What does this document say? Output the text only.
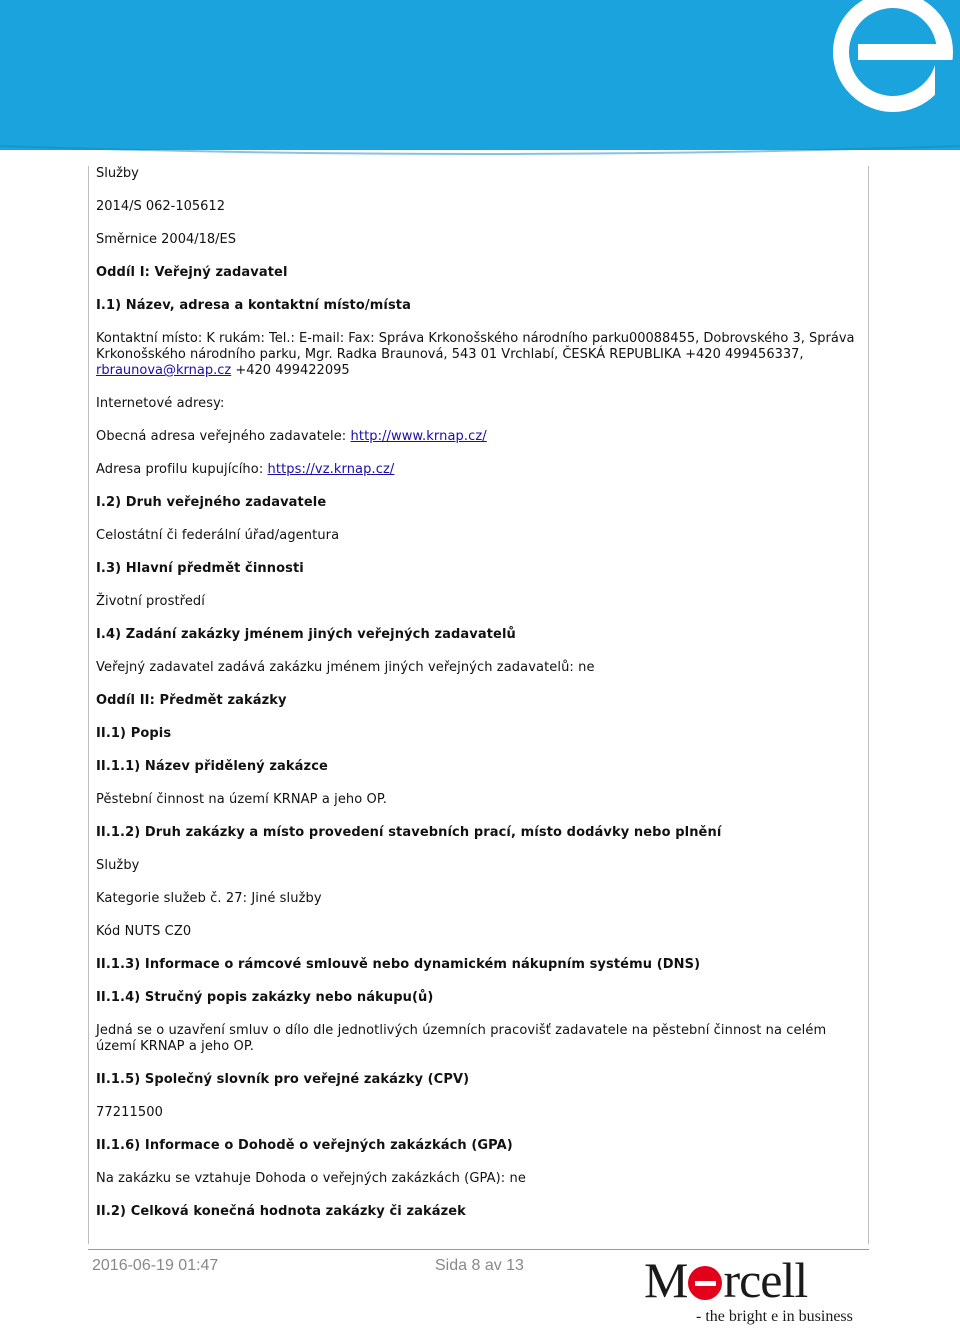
Služby
2014/S 062-105612
Směrnice 2004/18/ES
Oddíl I: Veřejný zadavatel
I.1) Název, adresa a kontaktní místo/místa
Kontaktní místo: K rukám: Tel.: E-mail: Fax: Správa Krkonošského národního parku00088455, Dobrovského 3, Správa Krkonošského národního parku, Mgr. Radka Braunová, 543 01 Vrchlabí, ČESKÁ REPUBLIKA +420 499456337, rbraunova@krnap.cz +420 499422095
Internetové adresy:
Obecná adresa veřejného zadavatele: http://www.krnap.cz/
Adresa profilu kupujícího: https://vz.krnap.cz/
I.2) Druh veřejného zadavatele
Celostátní či federální úřad/agentura
I.3) Hlavní předmět činnosti
Životní prostředí
I.4) Zadání zakázky jménem jiných veřejných zadavatelů
Veřejný zadavatel zadává zakázku jménem jiných veřejných zadavatelů: ne
Oddíl II: Předmět zakázky
II.1) Popis
II.1.1) Název přidělený zakázce
Pěstební činnost na území KRNAP a jeho OP.
II.1.2) Druh zakázky a místo provedení stavebních prací, místo dodávky nebo plnění
Služby
Kategorie služeb č. 27: Jiné služby
Kód NUTS CZ0
II.1.3) Informace o rámcové smlouvě nebo dynamickém nákupním systému (DNS)
II.1.4) Stručný popis zakázky nebo nákupu(ů)
Jedná se o uzavření smluv o dílo dle jednotlivých územních pracovišť zadavatele na pěstební činnost na celém území KRNAP a jeho OP.
II.1.5) Společný slovník pro veřejné zakázky (CPV)
77211500
II.1.6) Informace o Dohodě o veřejných zakázkách (GPA)
Na zakázku se vztahuje Dohoda o veřejných zakázkách (GPA): ne
II.2) Celková konečná hodnota zakázky či zakázek
2016-06-19 01:47	Sida 8 av 13 M rcell
- the bright e in business
